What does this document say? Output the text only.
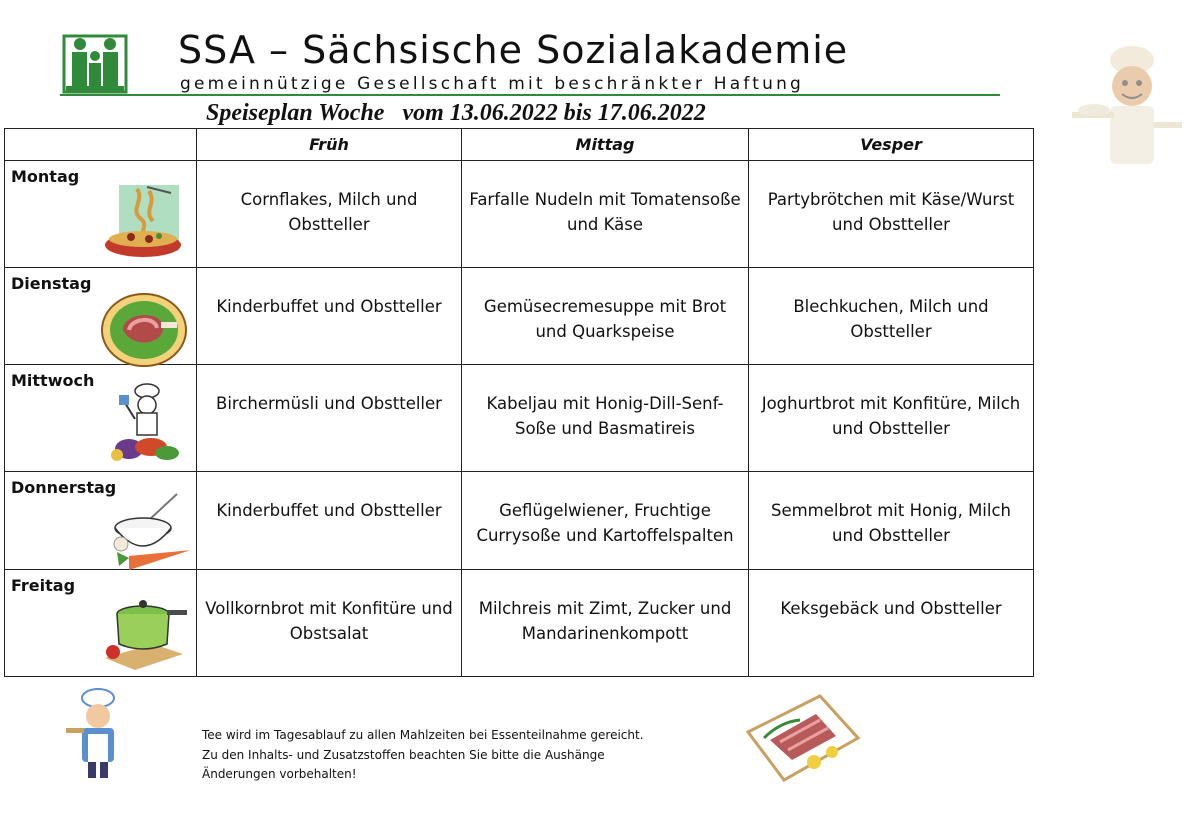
SSA – Sächsische Sozialakademie
gemeinnützige Gesellschaft mit beschränkter Haftung
Speiseplan Woche   vom 13.06.2022 bis 17.06.2022
	Früh	Mittag	Vesper

Montag	Cornflakes, Milch und Obstteller	Farfalle Nudeln mit Tomatensoße und Käse	Partybrötchen mit Käse/Wurst und Obstteller

Dienstag	Kinderbuffet und Obstteller	Gemüsecremesuppe mit Brot und Quarkspeise	Blechkuchen, Milch und Obstteller

Mittwoch	Birchermüsli und Obstteller	Kabeljau mit Honig-Dill-Senf-Soße und Basmatireis	Joghurtbrot mit Konfitüre, Milch und Obstteller

Donnerstag	Kinderbuffet und Obstteller	Geflügelwiener, Fruchtige Currysoße und Kartoffelspalten	Semmelbrot mit Honig, Milch und Obstteller

Freitag	Vollkornbrot mit Konfitüre und Obstsalat	Milchreis mit Zimt, Zucker und Mandarinenkompott	Keksgebäck und Obstteller
Tee wird im Tagesablauf zu allen Mahlzeiten bei Essenteilnahme gereicht.
Zu den Inhalts- und Zusatzstoffen beachten Sie bitte die Aushänge
Änderungen vorbehalten!
